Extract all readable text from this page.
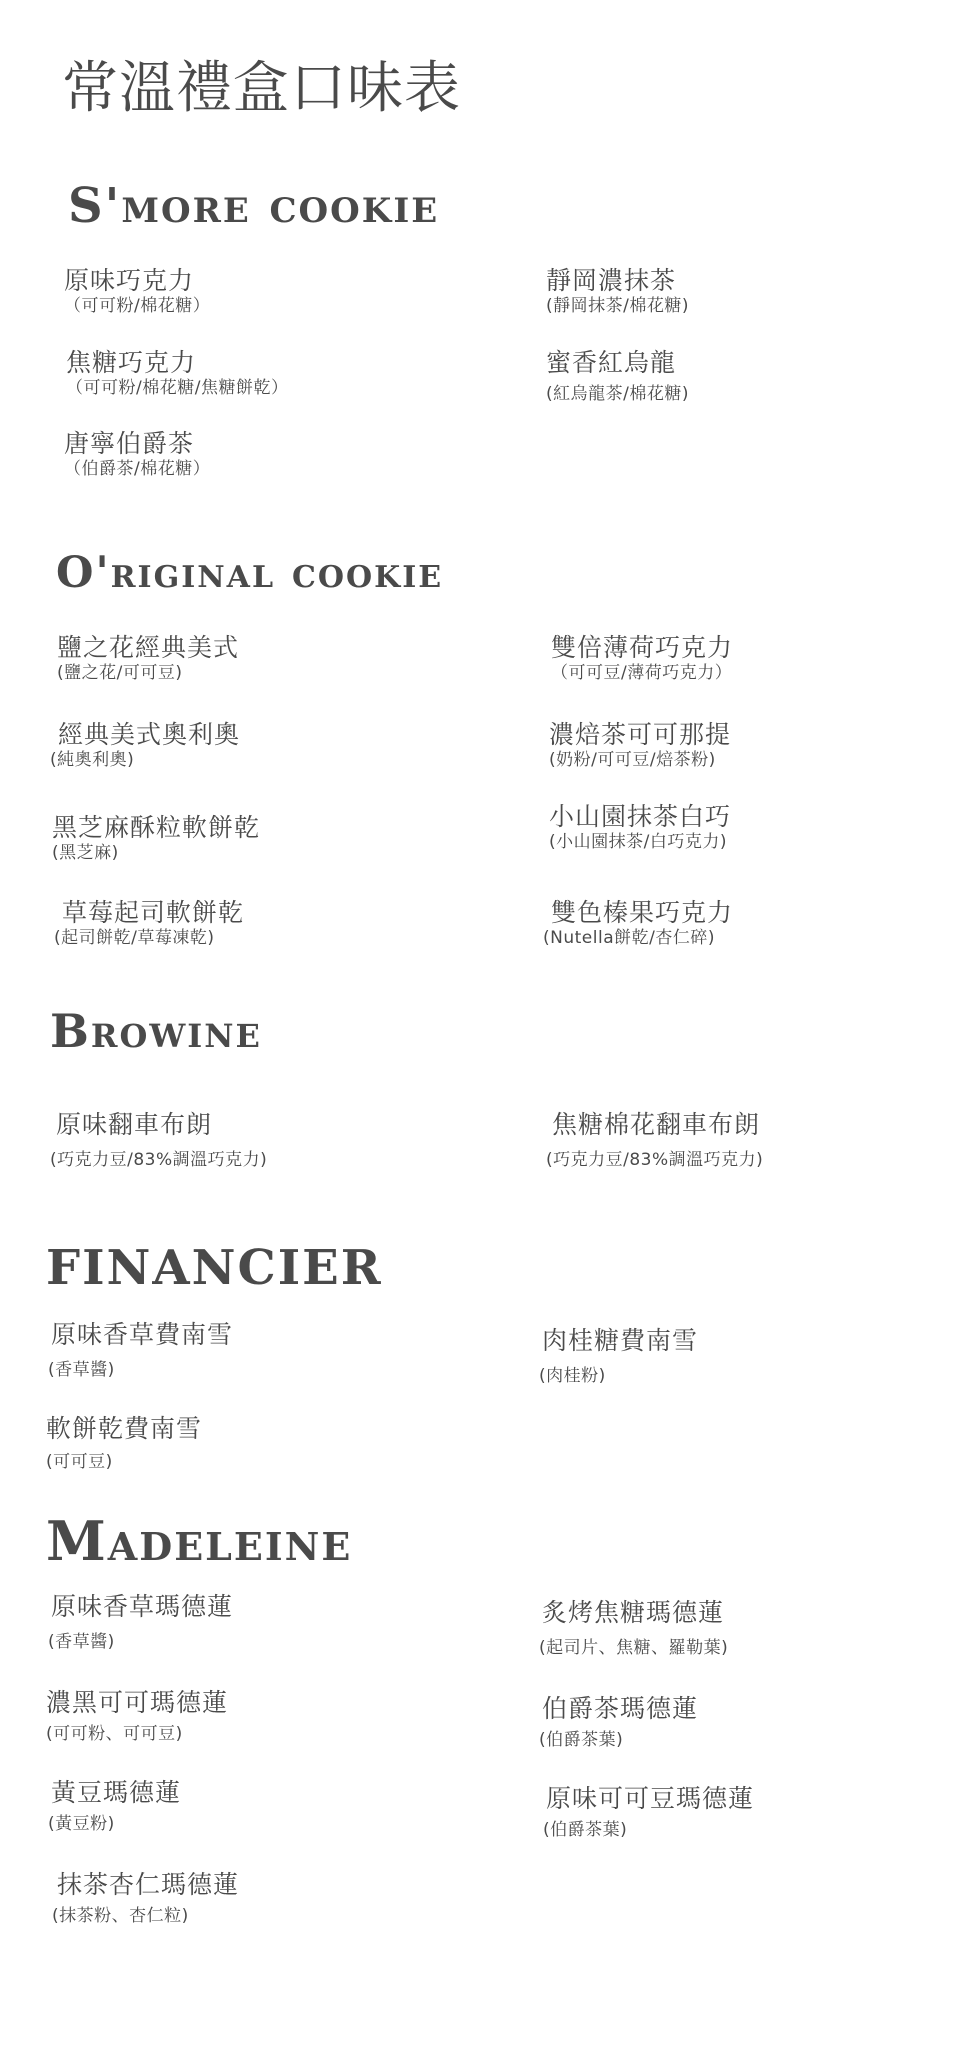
常溫禮盒口味表
S'more cookie
原味巧克力
（可可粉/棉花糖）
靜岡濃抹茶
(靜岡抹茶/棉花糖)
焦糖巧克力
（可可粉/棉花糖/焦糖餅乾）
蜜香紅烏龍
(紅烏龍茶/棉花糖)
唐寧伯爵茶
（伯爵茶/棉花糖）
O'riginal cookie
鹽之花經典美式
(鹽之花/可可豆)
雙倍薄荷巧克力
（可可豆/薄荷巧克力）
經典美式奧利奧
(純奧利奧)
濃焙茶可可那提
(奶粉/可可豆/焙茶粉)
黑芝麻酥粒軟餅乾
(黑芝麻)
小山園抹茶白巧
(小山園抹茶/白巧克力)
草莓起司軟餅乾
(起司餅乾/草莓凍乾)
雙色榛果巧克力
(Nutella餅乾/杏仁碎)
Browine
原味翻車布朗
(巧克力豆/83%調溫巧克力)
焦糖棉花翻車布朗
(巧克力豆/83%調溫巧克力)
FINANCIER
原味香草費南雪
(香草醬)
肉桂糖費南雪
(肉桂粉)
軟餅乾費南雪
(可可豆)
Madeleine
原味香草瑪德蓮
(香草醬)
炙烤焦糖瑪德蓮
(起司片、焦糖、羅勒葉)
濃黑可可瑪德蓮
(可可粉、可可豆)
伯爵茶瑪德蓮
(伯爵茶葉)
黃豆瑪德蓮
(黃豆粉)
原味可可豆瑪德蓮
(伯爵茶葉)
抹茶杏仁瑪德蓮
(抹茶粉、杏仁粒)
